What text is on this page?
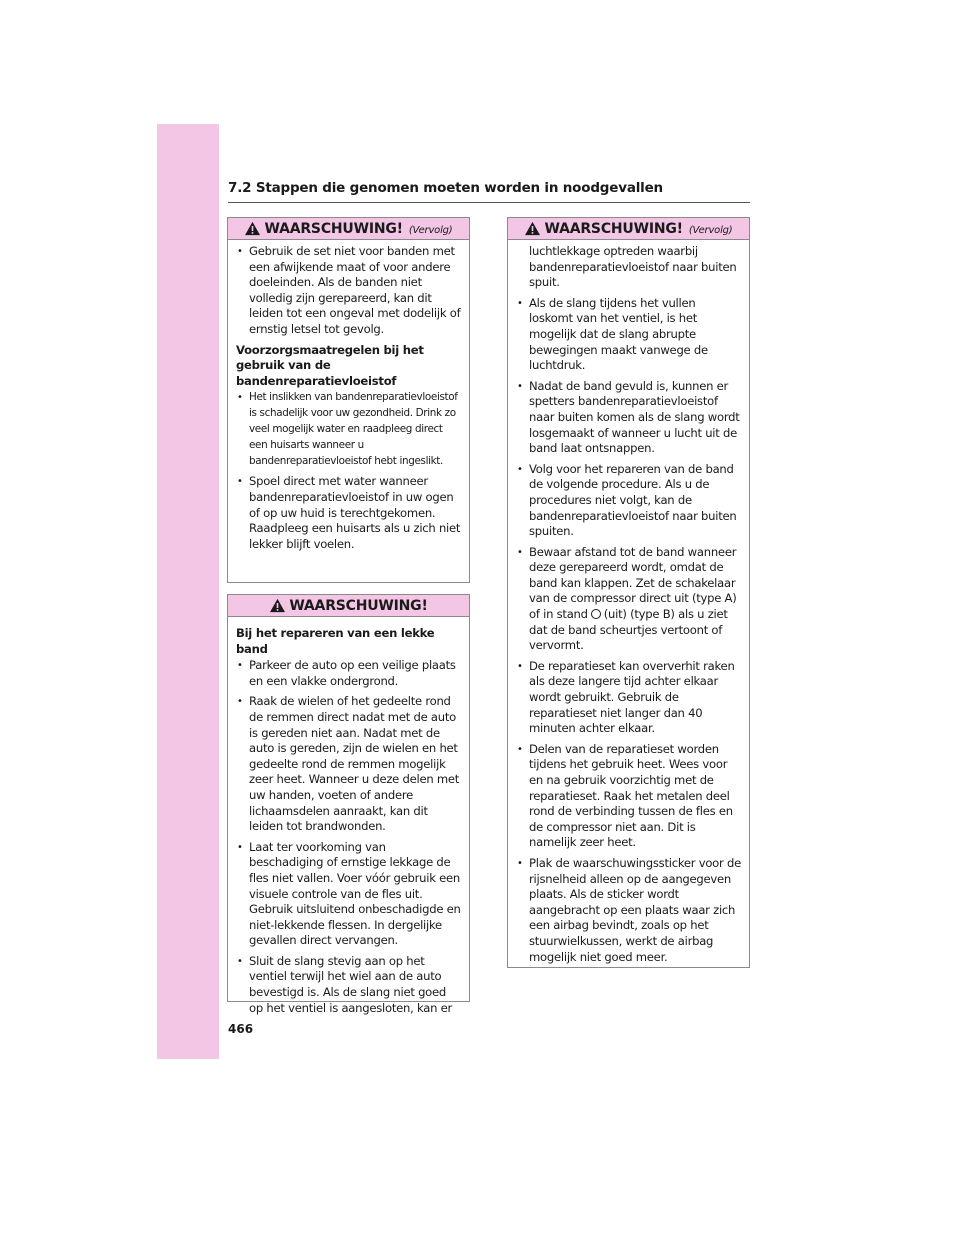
7.2 Stappen die genomen moeten worden in noodgevallen
WAARSCHUWING! (Vervolg)
• Gebruik de set niet voor banden met een afwijkende maat of voor andere doeleinden. Als de banden niet volledig zijn gerepareerd, kan dit leiden tot een ongeval met dodelijk of ernstig letsel tot gevolg.
Voorzorgsmaatregelen bij het gebruik van de bandenreparatievloeistof
• Het inslikken van bandenreparatievloeistof is schadelijk voor uw gezondheid. Drink zo veel mogelijk water en raadpleeg direct een huisarts wanneer u bandenreparatievloeistof hebt ingeslikt.
• Spoel direct met water wanneer bandenreparatievloeistof in uw ogen of op uw huid is terechtgekomen. Raadpleeg een huisarts als u zich niet lekker blijft voelen.
WAARSCHUWING!
Bij het repareren van een lekke band
• Parkeer de auto op een veilige plaats en een vlakke ondergrond.
• Raak de wielen of het gedeelte rond de remmen direct nadat met de auto is gereden niet aan. Nadat met de auto is gereden, zijn de wielen en het gedeelte rond de remmen mogelijk zeer heet. Wanneer u deze delen met uw handen, voeten of andere lichaamsdelen aanraakt, kan dit leiden tot brandwonden.
• Laat ter voorkoming van beschadiging of ernstige lekkage de fles niet vallen. Voer vóór gebruik een visuele controle van de fles uit. Gebruik uitsluitend onbeschadigde en niet-lekkende flessen. In dergelijke gevallen direct vervangen.
• Sluit de slang stevig aan op het ventiel terwijl het wiel aan de auto bevestigd is. Als de slang niet goed op het ventiel is aangesloten, kan er
WAARSCHUWING! (Vervolg)
luchtlekkage optreden waarbij bandenreparatievloeistof naar buiten spuit.
• Als de slang tijdens het vullen loskomt van het ventiel, is het mogelijk dat de slang abrupte bewegingen maakt vanwege de luchtdruk.
• Nadat de band gevuld is, kunnen er spetters bandenreparatievloeistof naar buiten komen als de slang wordt losgemaakt of wanneer u lucht uit de band laat ontsnappen.
• Volg voor het repareren van de band de volgende procedure. Als u de procedures niet volgt, kan de bandenreparatievloeistof naar buiten spuiten.
• Bewaar afstand tot de band wanneer deze gerepareerd wordt, omdat de band kan klappen. Zet de schakelaar van de compressor direct uit (type A) of in stand (uit) (type B) als u ziet dat de band scheurtjes vertoont of vervormt.
• De reparatieset kan oververhit raken als deze langere tijd achter elkaar wordt gebruikt. Gebruik de reparatieset niet langer dan 40 minuten achter elkaar.
• Delen van de reparatieset worden tijdens het gebruik heet. Wees voor en na gebruik voorzichtig met de reparatieset. Raak het metalen deel rond de verbinding tussen de fles en de compressor niet aan. Dit is namelijk zeer heet.
• Plak de waarschuwingssticker voor de rijsnelheid alleen op de aangegeven plaats. Als de sticker wordt aangebracht op een plaats waar zich een airbag bevindt, zoals op het stuurwielkussen, werkt de airbag mogelijk niet goed meer.
466
